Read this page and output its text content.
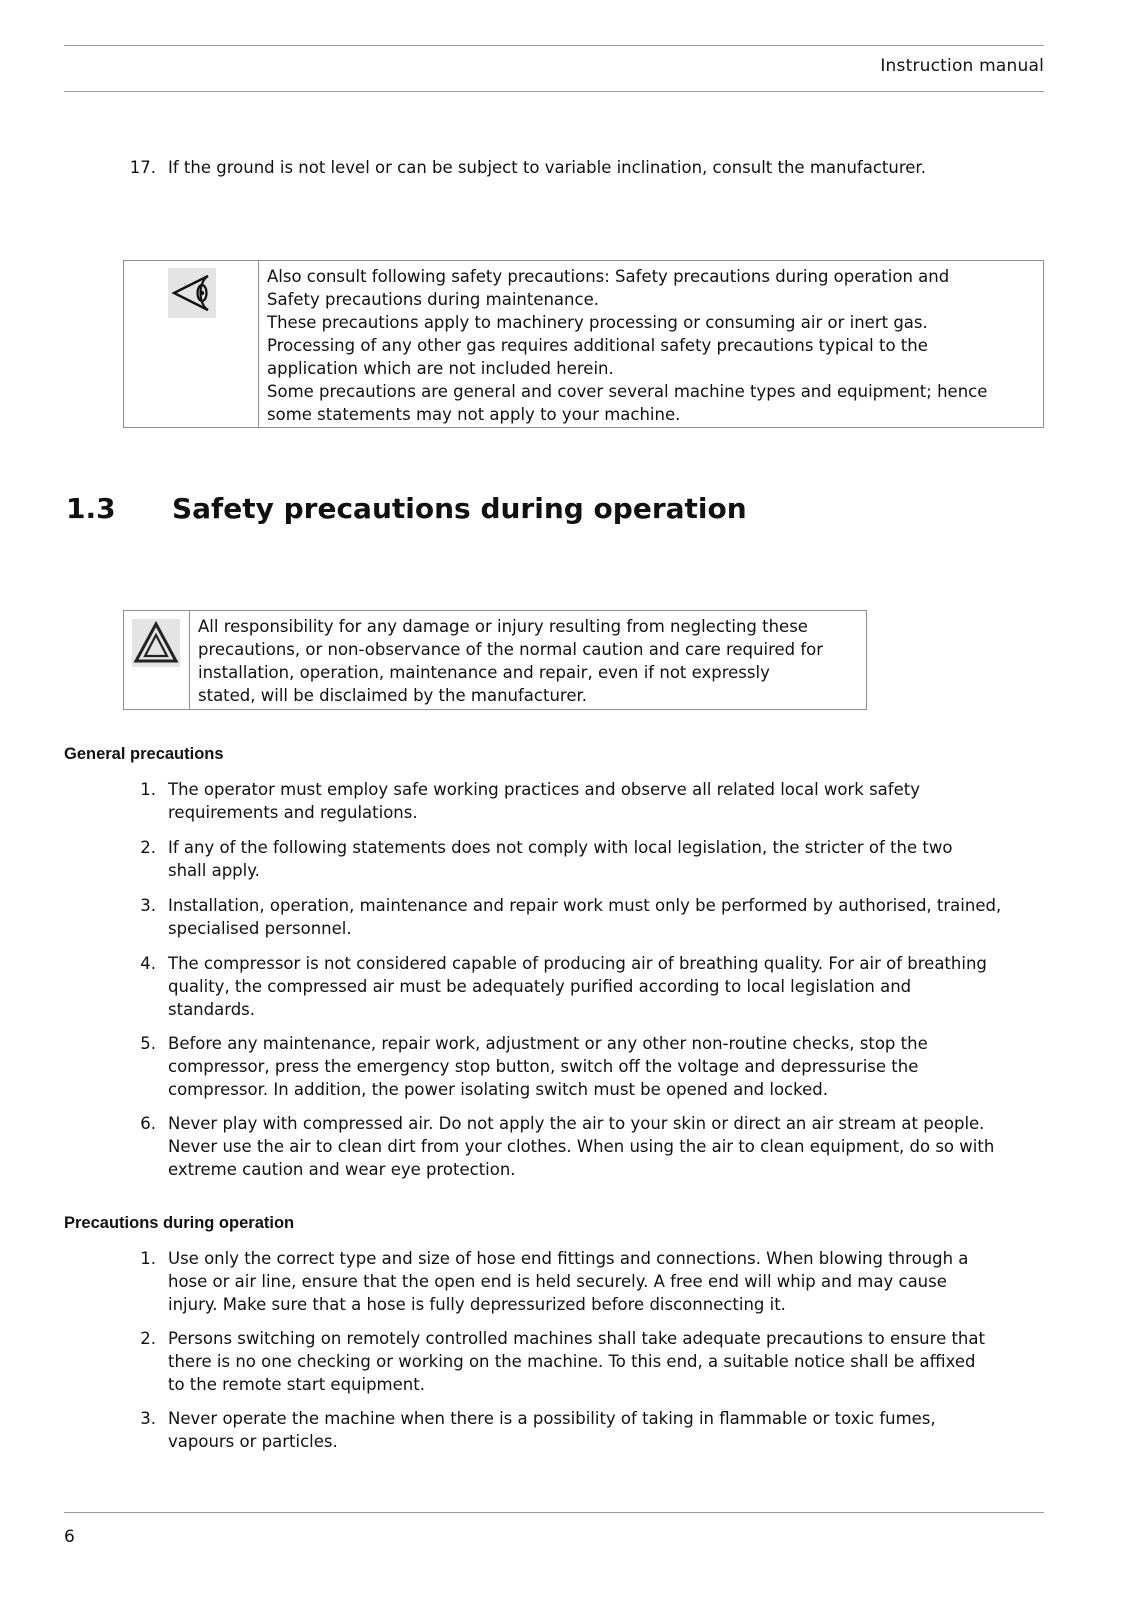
Instruction manual
17. If the ground is not level or can be subject to variable inclination, consult the manufacturer.
Also consult following safety precautions: Safety precautions during operation and
Safety precautions during maintenance.
These precautions apply to machinery processing or consuming air or inert gas.
Processing of any other gas requires additional safety precautions typical to the
application which are not included herein.
Some precautions are general and cover several machine types and equipment; hence
some statements may not apply to your machine.
1.3 Safety precautions during operation
All responsibility for any damage or injury resulting from neglecting these
precautions, or non-observance of the normal caution and care required for
installation, operation, maintenance and repair, even if not expressly
stated, will be disclaimed by the manufacturer.
General precautions
1. The operator must employ safe working practices and observe all related local work safety
requirements and regulations.
2. If any of the following statements does not comply with local legislation, the stricter of the two
shall apply.
3. Installation, operation, maintenance and repair work must only be performed by authorised, trained,
specialised personnel.
4. The compressor is not considered capable of producing air of breathing quality. For air of breathing
quality, the compressed air must be adequately purified according to local legislation and
standards.
5. Before any maintenance, repair work, adjustment or any other non-routine checks, stop the
compressor, press the emergency stop button, switch off the voltage and depressurise the
compressor. In addition, the power isolating switch must be opened and locked.
6. Never play with compressed air. Do not apply the air to your skin or direct an air stream at people.
Never use the air to clean dirt from your clothes. When using the air to clean equipment, do so with
extreme caution and wear eye protection.
Precautions during operation
1. Use only the correct type and size of hose end fittings and connections. When blowing through a
hose or air line, ensure that the open end is held securely. A free end will whip and may cause
injury. Make sure that a hose is fully depressurized before disconnecting it.
2. Persons switching on remotely controlled machines shall take adequate precautions to ensure that
there is no one checking or working on the machine. To this end, a suitable notice shall be affixed
to the remote start equipment.
3. Never operate the machine when there is a possibility of taking in flammable or toxic fumes,
vapours or particles.
6
